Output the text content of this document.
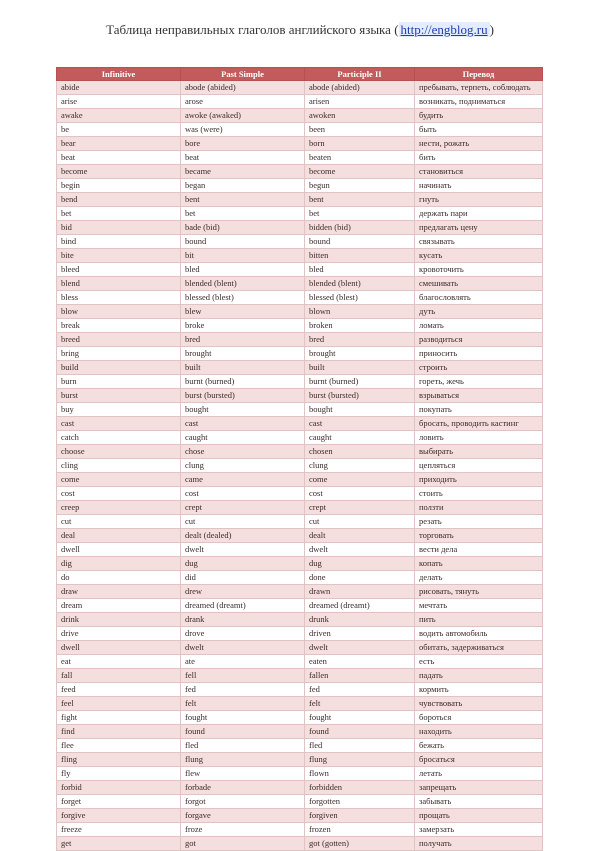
Таблица неправильных глаголов английского языка ( http://engblog.ru )
Infinitive	Past Simple	Participle II	Перевод
abide	abode (abided)	abode (abided)	пребывать, терпеть, соблюдать
arise	arose	arisen	возникать, подниматься
awake	awoke (awaked)	awoken	будить
be	was (were)	been	быть
bear	bore	born	нести, рожать
beat	beat	beaten	бить
become	became	become	становиться
begin	began	begun	начинать
bend	bent	bent	гнуть
bet	bet	bet	держать пари
bid	bade (bid)	bidden (bid)	предлагать цену
bind	bound	bound	связывать
bite	bit	bitten	кусать
bleed	bled	bled	кровоточить
blend	blended (blent)	blended (blent)	смешивать
bless	blessed (blest)	blessed (blest)	благословлять
blow	blew	blown	дуть
break	broke	broken	ломать
breed	bred	bred	разводиться
bring	brought	brought	приносить
build	built	built	строить
burn	burnt (burned)	burnt (burned)	гореть, жечь
burst	burst (bursted)	burst (bursted)	взрываться
buy	bought	bought	покупать
cast	cast	cast	бросать, проводить кастинг
catch	caught	caught	ловить
choose	chose	chosen	выбирать
cling	clung	clung	цепляться
come	came	come	приходить
cost	cost	cost	стоить
creep	crept	crept	ползти
cut	cut	cut	резать
deal	dealt (dealed)	dealt	торговать
dwell	dwelt	dwelt	вести дела
dig	dug	dug	копать
do	did	done	делать
draw	drew	drawn	рисовать, тянуть
dream	dreamed (dreamt)	dreamed (dreamt)	мечтать
drink	drank	drunk	пить
drive	drove	driven	водить автомобиль
dwell	dwelt	dwelt	обитать, задерживаться
eat	ate	eaten	есть
fall	fell	fallen	падать
feed	fed	fed	кормить
feel	felt	felt	чувствовать
fight	fought	fought	бороться
find	found	found	находить
flee	fled	fled	бежать
fling	flung	flung	бросаться
fly	flew	flown	летать
forbid	forbade	forbidden	запрещать
forget	forgot	forgotten	забывать
forgive	forgave	forgiven	прощать
freeze	froze	frozen	замерзать
get	got	got (gotten)	получать
